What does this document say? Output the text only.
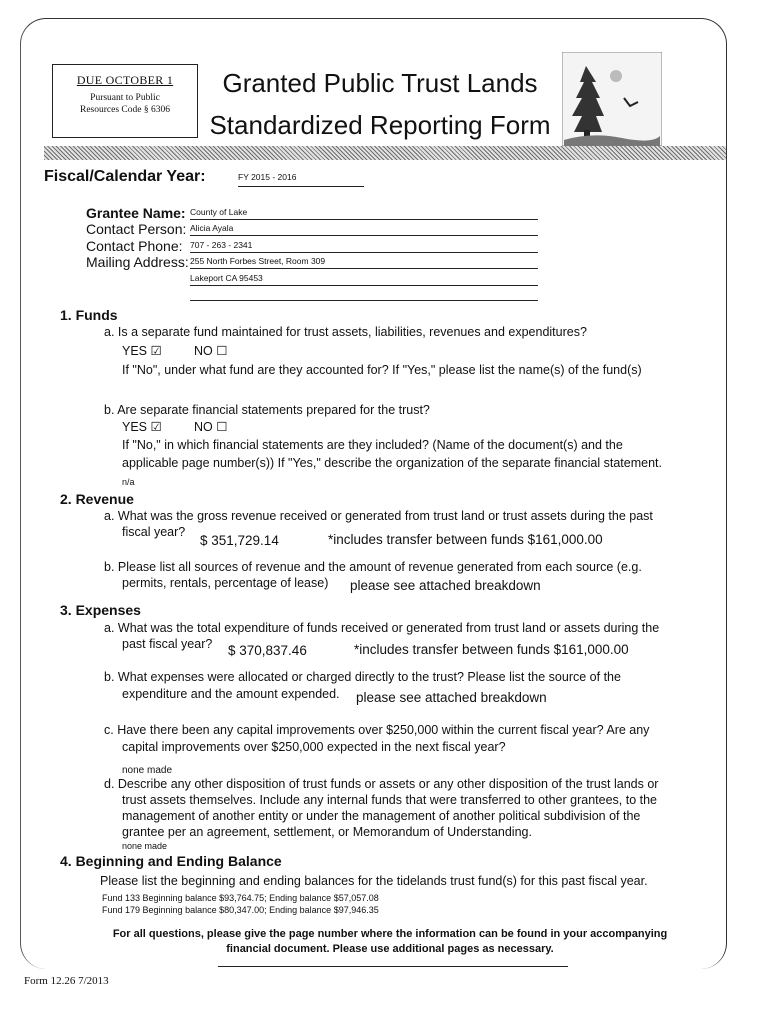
DUE OCTOBER 1
Pursuant to Public
Resources Code § 6306
Granted Public Trust Lands
Standardized Reporting Form
Fiscal/Calendar Year:	FY 2015 - 2016
Grantee Name: County of Lake
Contact Person: Alicia Ayala
Contact Phone: 707 - 263 - 2341
Mailing Address: 255 North Forbes Street, Room 309
Lakeport CA 95453
1. Funds
a. Is a separate fund maintained for trust assets, liabilities, revenues and expenditures?
YES ☑	NO ☐
If "No", under what fund are they accounted for? If "Yes," please list the name(s) of the fund(s)
b. Are separate financial statements prepared for the trust?
YES ☑	NO ☐
If "No," in which financial statements are they included? (Name of the document(s) and the
applicable page number(s)) If "Yes," describe the organization of the separate financial statement.
n/a
2. Revenue
a. What was the gross revenue received or generated from trust land or trust assets during the past
fiscal year?
$ 351,729.14	*includes transfer between funds $161,000.00
b. Please list all sources of revenue and the amount of revenue generated from each source (e.g.
permits, rentals, percentage of lease) please see attached breakdown
3. Expenses
a. What was the total expenditure of funds received or generated from trust land or assets during the
past fiscal year? $ 370,837.46	*includes transfer between funds $161,000.00
b. What expenses were allocated or charged directly to the trust? Please list the source of the
expenditure and the amount expended. please see attached breakdown
c. Have there been any capital improvements over $250,000 within the current fiscal year? Are any
capital improvements over $250,000 expected in the next fiscal year?
none made
d. Describe any other disposition of trust funds or assets or any other disposition of the trust lands or
trust assets themselves. Include any internal funds that were transferred to other grantees, to the
management of another entity or under the management of another political subdivision of the
grantee per an agreement, settlement, or Memorandum of Understanding.
none made
4. Beginning and Ending Balance
Please list the beginning and ending balances for the tidelands trust fund(s) for this past fiscal year.
Fund 133 Beginning balance $93,764.75; Ending balance $57,057.08
Fund 179 Beginning balance $80,347.00; Ending balance $97,946.35
For all questions, please give the page number where the information can be found in your accompanying
financial document. Please use additional pages as necessary.
Form 12.26 7/2013
